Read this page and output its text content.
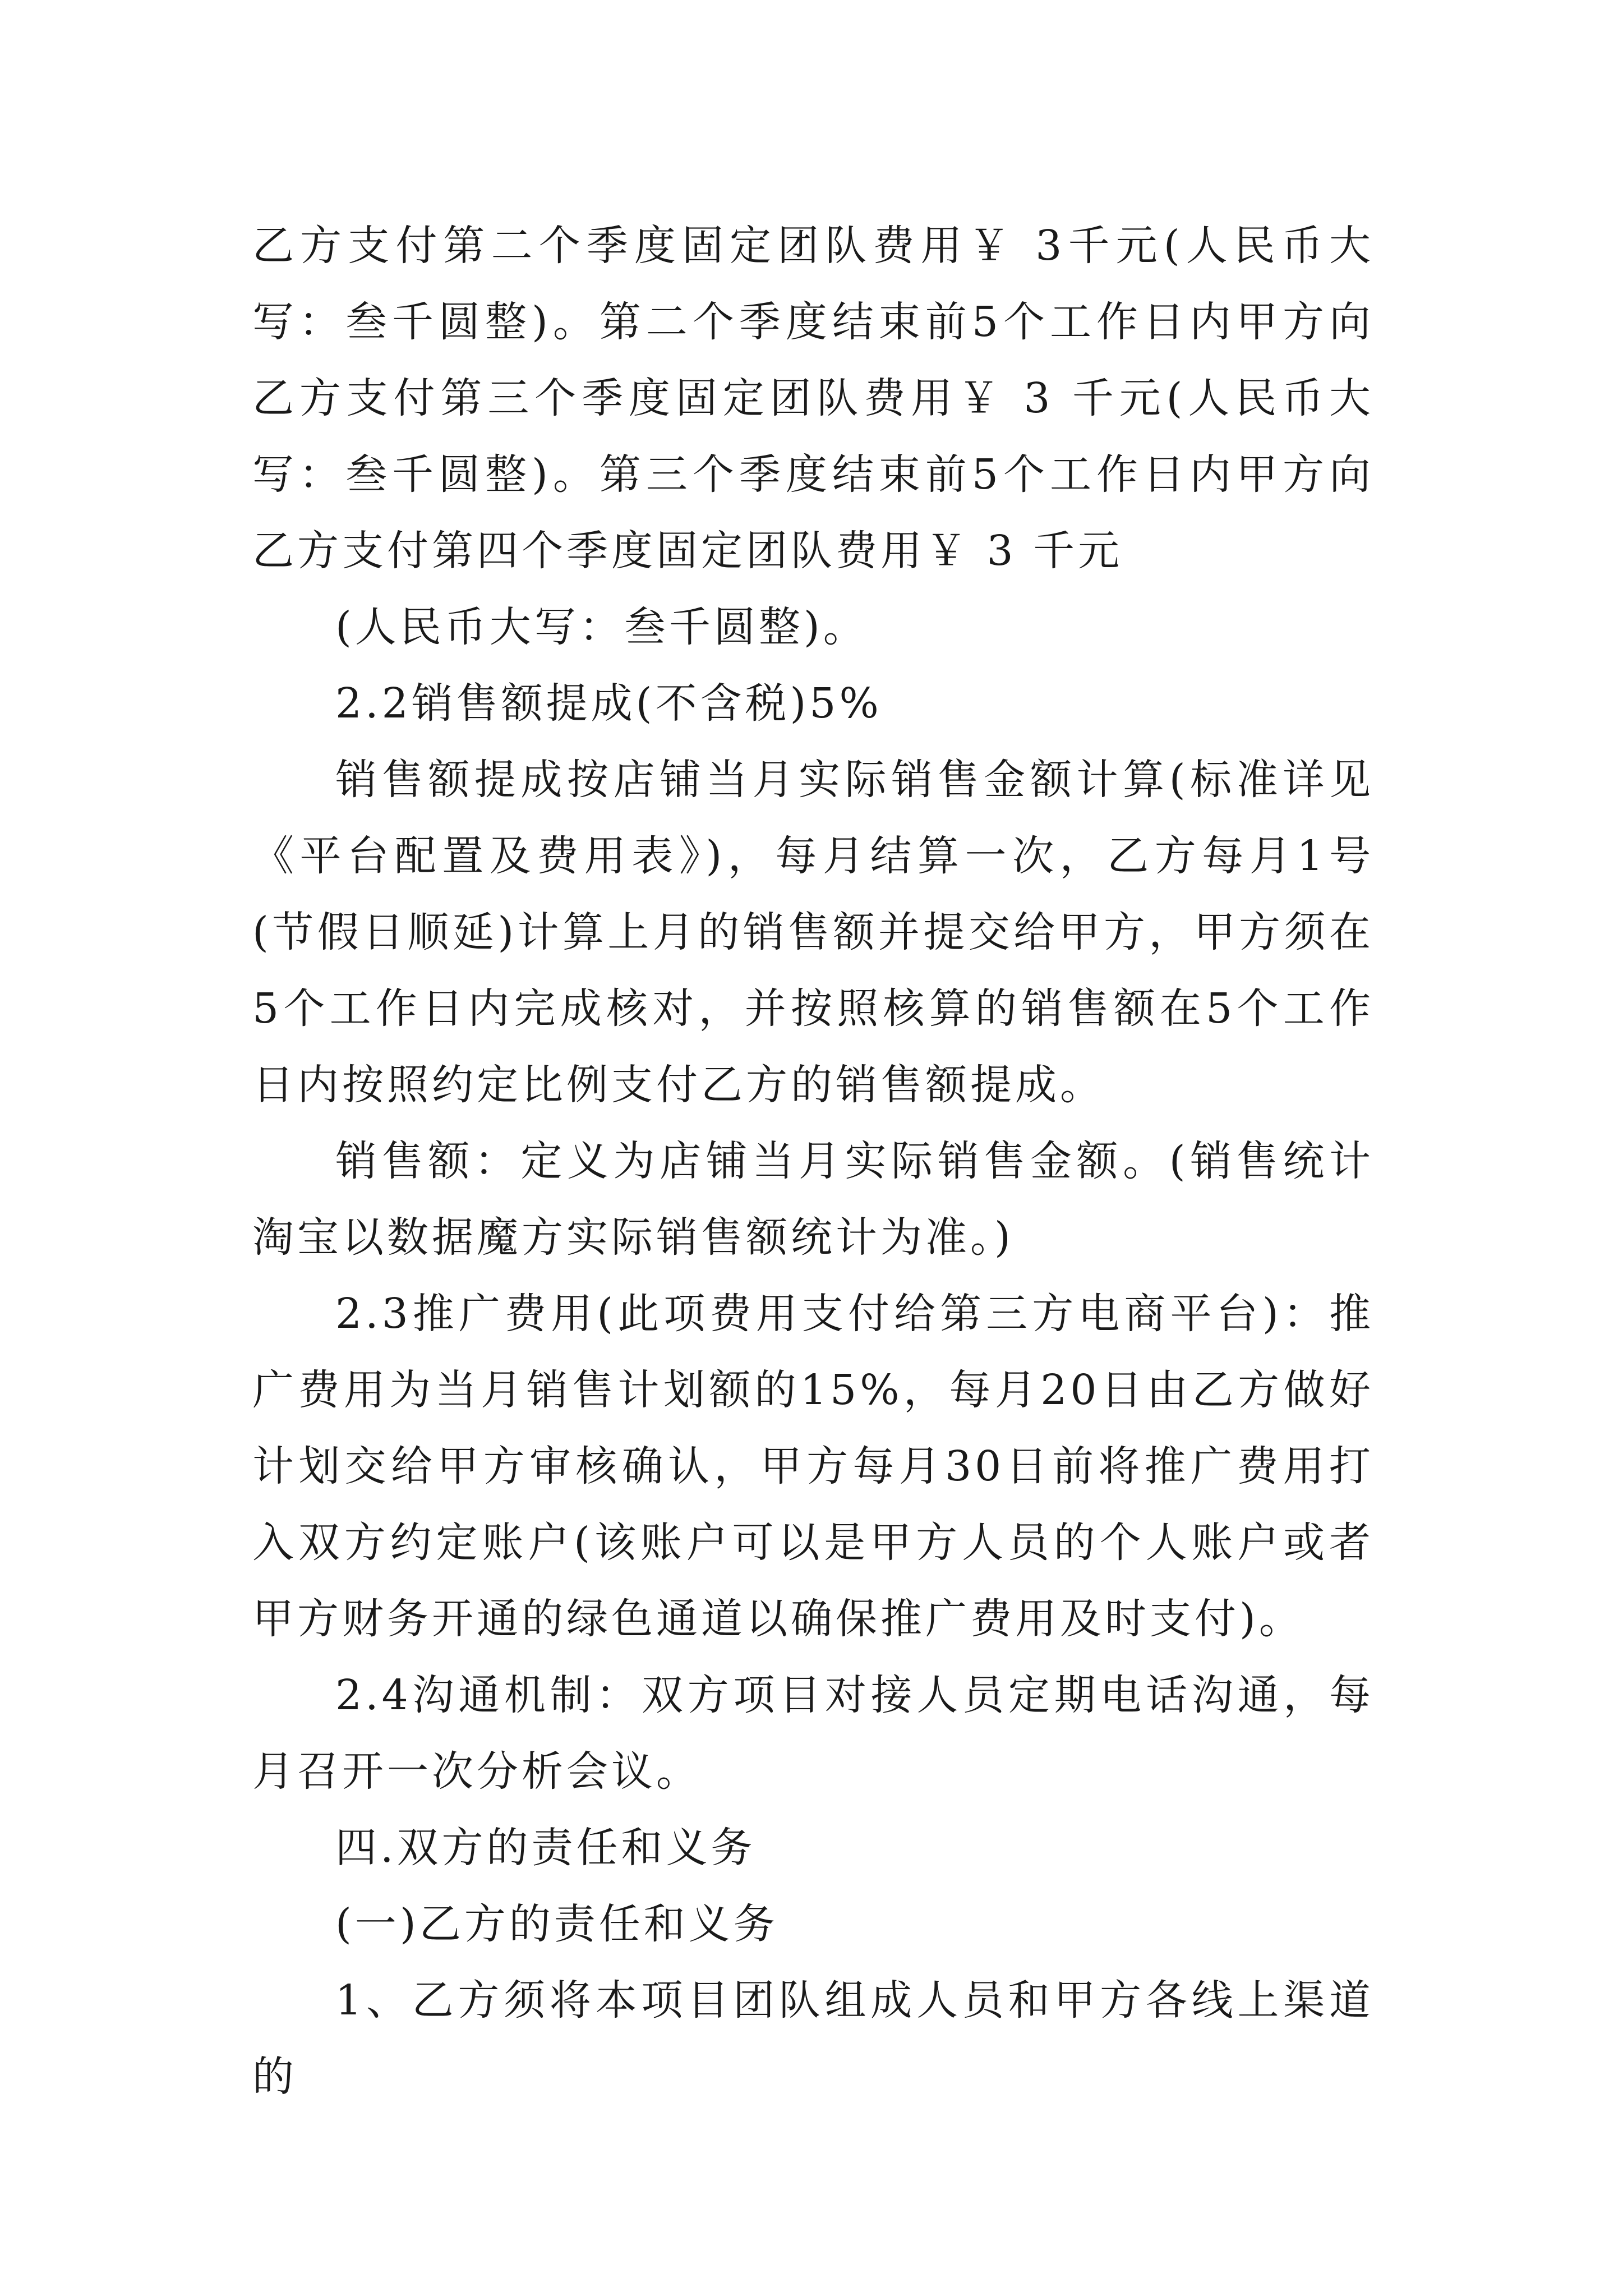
乙方支付第二个季度固定团队费用￥ 3千元(人民币大写：叁千圆整)。第二个季度结束前5个工作日内甲方向乙方支付第三个季度固定团队费用￥ 3 千元(人民币大写：叁千圆整)。第三个季度结束前5个工作日内甲方向乙方支付第四个季度固定团队费用￥ 3 千元

(人民币大写：叁千圆整)。

2.2销售额提成(不含税)5%

销售额提成按店铺当月实际销售金额计算(标准详见《平台配置及费用表》)，每月结算一次，乙方每月1号(节假日顺延)计算上月的销售额并提交给甲方，甲方须在5个工作日内完成核对，并按照核算的销售额在5个工作日内按照约定比例支付乙方的销售额提成。

销售额：定义为店铺当月实际销售金额。(销售统计淘宝以数据魔方实际销售额统计为准。)

2.3推广费用(此项费用支付给第三方电商平台)：推广费用为当月销售计划额的15%，每月20日由乙方做好计划交给甲方审核确认，甲方每月30日前将推广费用打入双方约定账户(该账户可以是甲方人员的个人账户或者甲方财务开通的绿色通道以确保推广费用及时支付)。

2.4沟通机制：双方项目对接人员定期电话沟通，每月召开一次分析会议。

四.双方的责任和义务

(一)乙方的责任和义务

1、乙方须将本项目团队组成人员和甲方各线上渠道的
